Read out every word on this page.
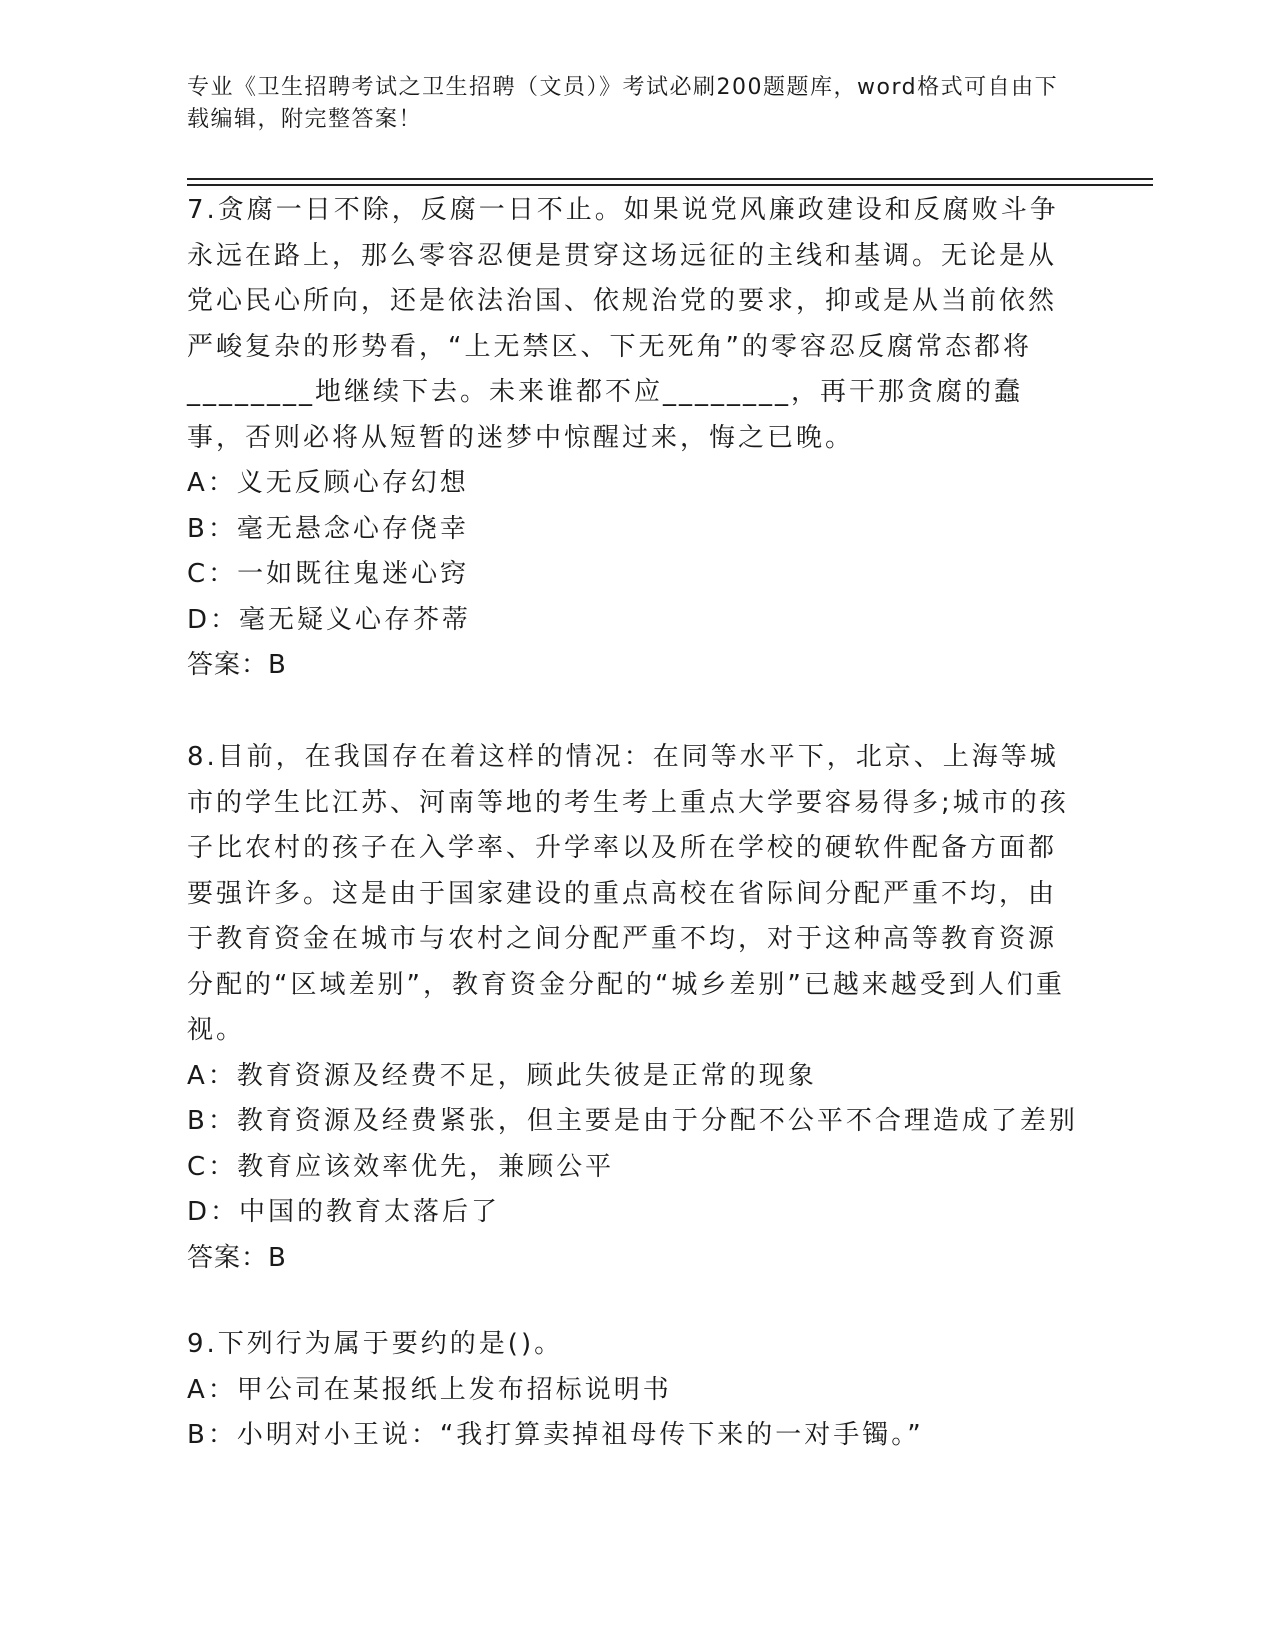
专业《卫生招聘考试之卫生招聘（文员）》考试必刷200题题库，word格式可自由下载编辑，附完整答案！

7.贪腐一日不除，反腐一日不止。如果说党风廉政建设和反腐败斗争永远在路上，那么零容忍便是贯穿这场远征的主线和基调。无论是从党心民心所向，还是依法治国、依规治党的要求，抑或是从当前依然严峻复杂的形势看，“上无禁区、下无死角”的零容忍反腐常态都将________地继续下去。未来谁都不应________，再干那贪腐的蠢事，否则必将从短暂的迷梦中惊醒过来，悔之已晚。

A：义无反顾心存幻想
B：毫无悬念心存侥幸
C：一如既往鬼迷心窍
D：毫无疑义心存芥蒂
答案：B

8.目前，在我国存在着这样的情况：在同等水平下，北京、上海等城市的学生比江苏、河南等地的考生考上重点大学要容易得多;城市的孩子比农村的孩子在入学率、升学率以及所在学校的硬软件配备方面都要强许多。这是由于国家建设的重点高校在省际间分配严重不均，由于教育资金在城市与农村之间分配严重不均，对于这种高等教育资源分配的“区域差别”，教育资金分配的“城乡差别”已越来越受到人们重视。

A：教育资源及经费不足，顾此失彼是正常的现象
B：教育资源及经费紧张，但主要是由于分配不公平不合理造成了差别
C：教育应该效率优先，兼顾公平
D：中国的教育太落后了
答案：B

9.下列行为属于要约的是()。

A：甲公司在某报纸上发布招标说明书
B：小明对小王说：“我打算卖掉祖母传下来的一对手镯。”
